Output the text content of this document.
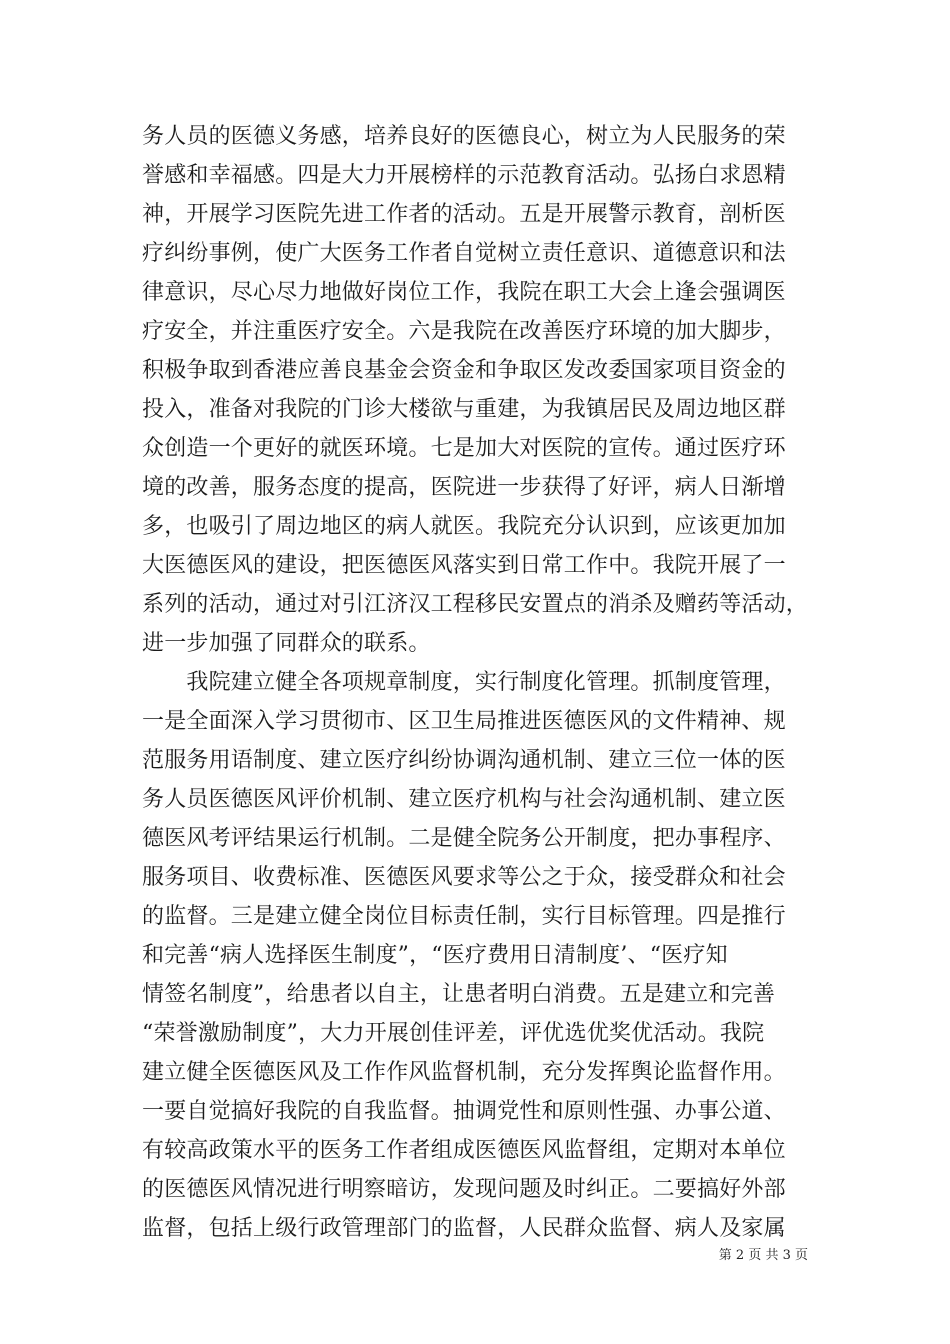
务人员的医德义务感，培养良好的医德良心，树立为人民服务的荣
誉感和幸福感。四是大力开展榜样的示范教育活动。弘扬白求恩精
神，开展学习医院先进工作者的活动。五是开展警示教育，剖析医
疗纠纷事例，使广大医务工作者自觉树立责任意识、道德意识和法
律意识，尽心尽力地做好岗位工作，我院在职工大会上逢会强调医
疗安全，并注重医疗安全。六是我院在改善医疗环境的加大脚步，
积极争取到香港应善良基金会资金和争取区发改委国家项目资金的
投入，准备对我院的门诊大楼欲与重建，为我镇居民及周边地区群
众创造一个更好的就医环境。七是加大对医院的宣传。通过医疗环
境的改善，服务态度的提高，医院进一步获得了好评，病人日渐增
多，也吸引了周边地区的病人就医。我院充分认识到，应该更加加
大医德医风的建设，把医德医风落实到日常工作中。我院开展了一
系列的活动，通过对引江济汉工程移民安置点的消杀及赠药等活动，
进一步加强了同群众的联系。
　　我院建立健全各项规章制度，实行制度化管理。抓制度管理，
一是全面深入学习贯彻市、区卫生局推进医德医风的文件精神、规
范服务用语制度、建立医疗纠纷协调沟通机制、建立三位一体的医
务人员医德医风评价机制、建立医疗机构与社会沟通机制、建立医
德医风考评结果运行机制。二是健全院务公开制度，把办事程序、
服务项目、收费标准、医德医风要求等公之于众，接受群众和社会
的监督。三是建立健全岗位目标责任制，实行目标管理。四是推行
和完善“病人选择医生制度”，“医疗费用日清制度’、“医疗知
情签名制度”，给患者以自主，让患者明白消费。五是建立和完善
“荣誉激励制度”，大力开展创佳评差，评优选优奖优活动。我院
建立健全医德医风及工作作风监督机制，充分发挥舆论监督作用。
一要自觉搞好我院的自我监督。抽调党性和原则性强、办事公道、
有较高政策水平的医务工作者组成医德医风监督组，定期对本单位
的医德医风情况进行明察暗访，发现问题及时纠正。二要搞好外部
监督，包括上级行政管理部门的监督，人民群众监督、病人及家属
第 2 页 共 3 页
